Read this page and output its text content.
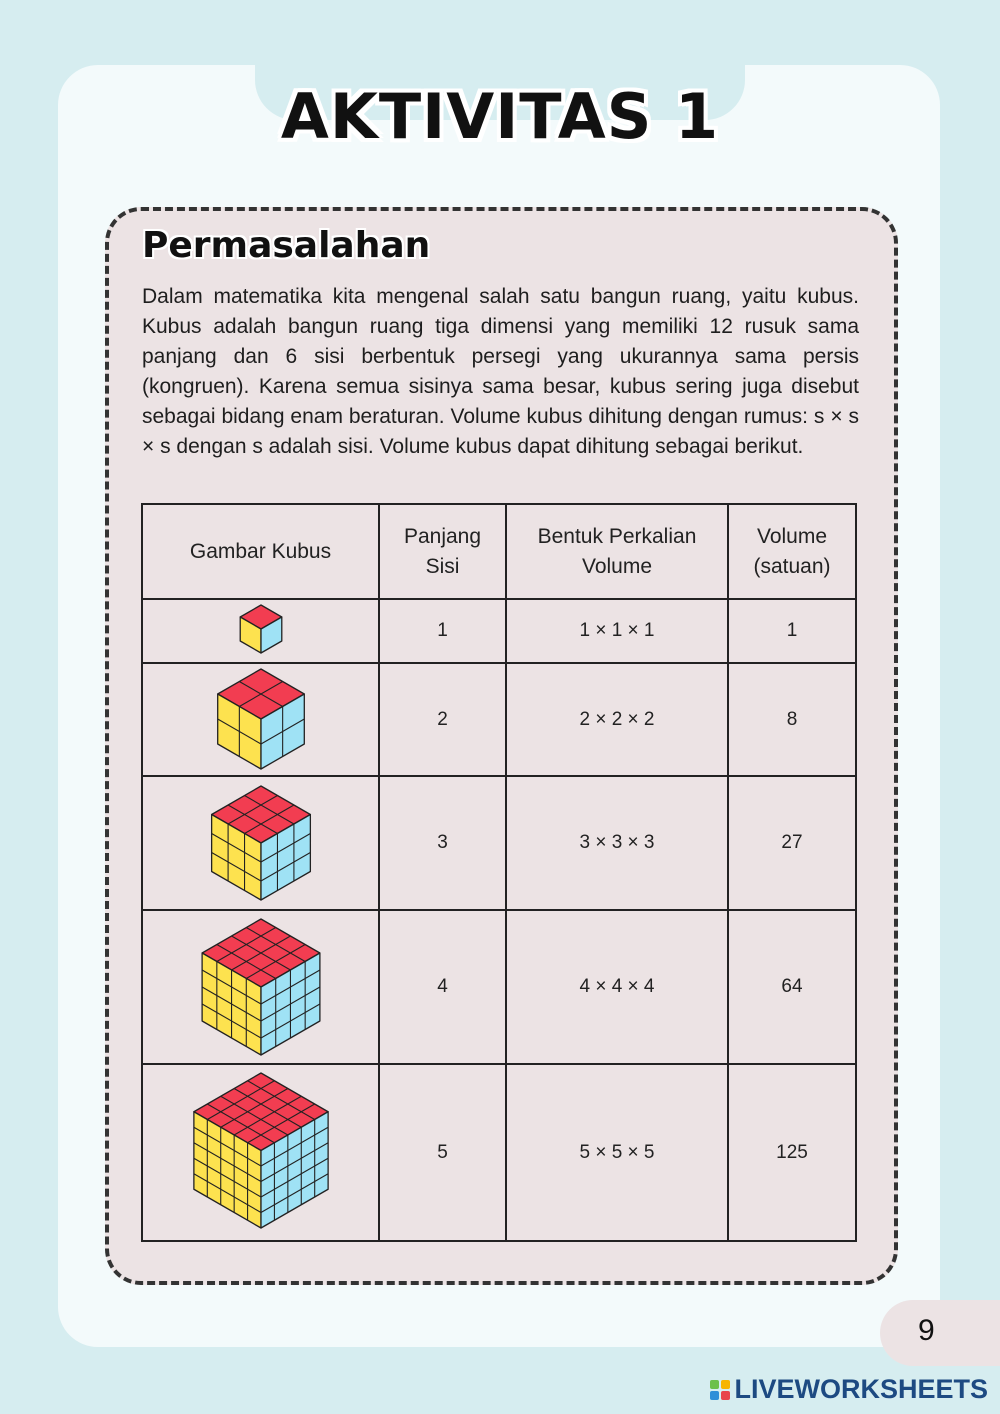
AKTIVITAS 1
Permasalahan
Dalam matematika kita mengenal salah satu bangun ruang, yaitu kubus. Kubus adalah bangun ruang tiga dimensi yang memiliki 12 rusuk sama panjang dan 6 sisi berbentuk persegi yang ukurannya sama persis (kongruen). Karena semua sisinya sama besar, kubus sering juga disebut sebagai bidang enam beraturan. Volume kubus dihitung dengan rumus: s × s × s dengan s adalah sisi. Volume kubus dapat dihitung sebagai berikut.
Gambar Kubus	Panjang Sisi	Bentuk Perkalian Volume	Volume (satuan)

	1	1 × 1 × 1	1

	2	2 × 2 × 2	8

	3	3 × 3 × 3	27

	4	4 × 4 × 4	64

	5	5 × 5 × 5	125
9
LIVEWORKSHEETS
